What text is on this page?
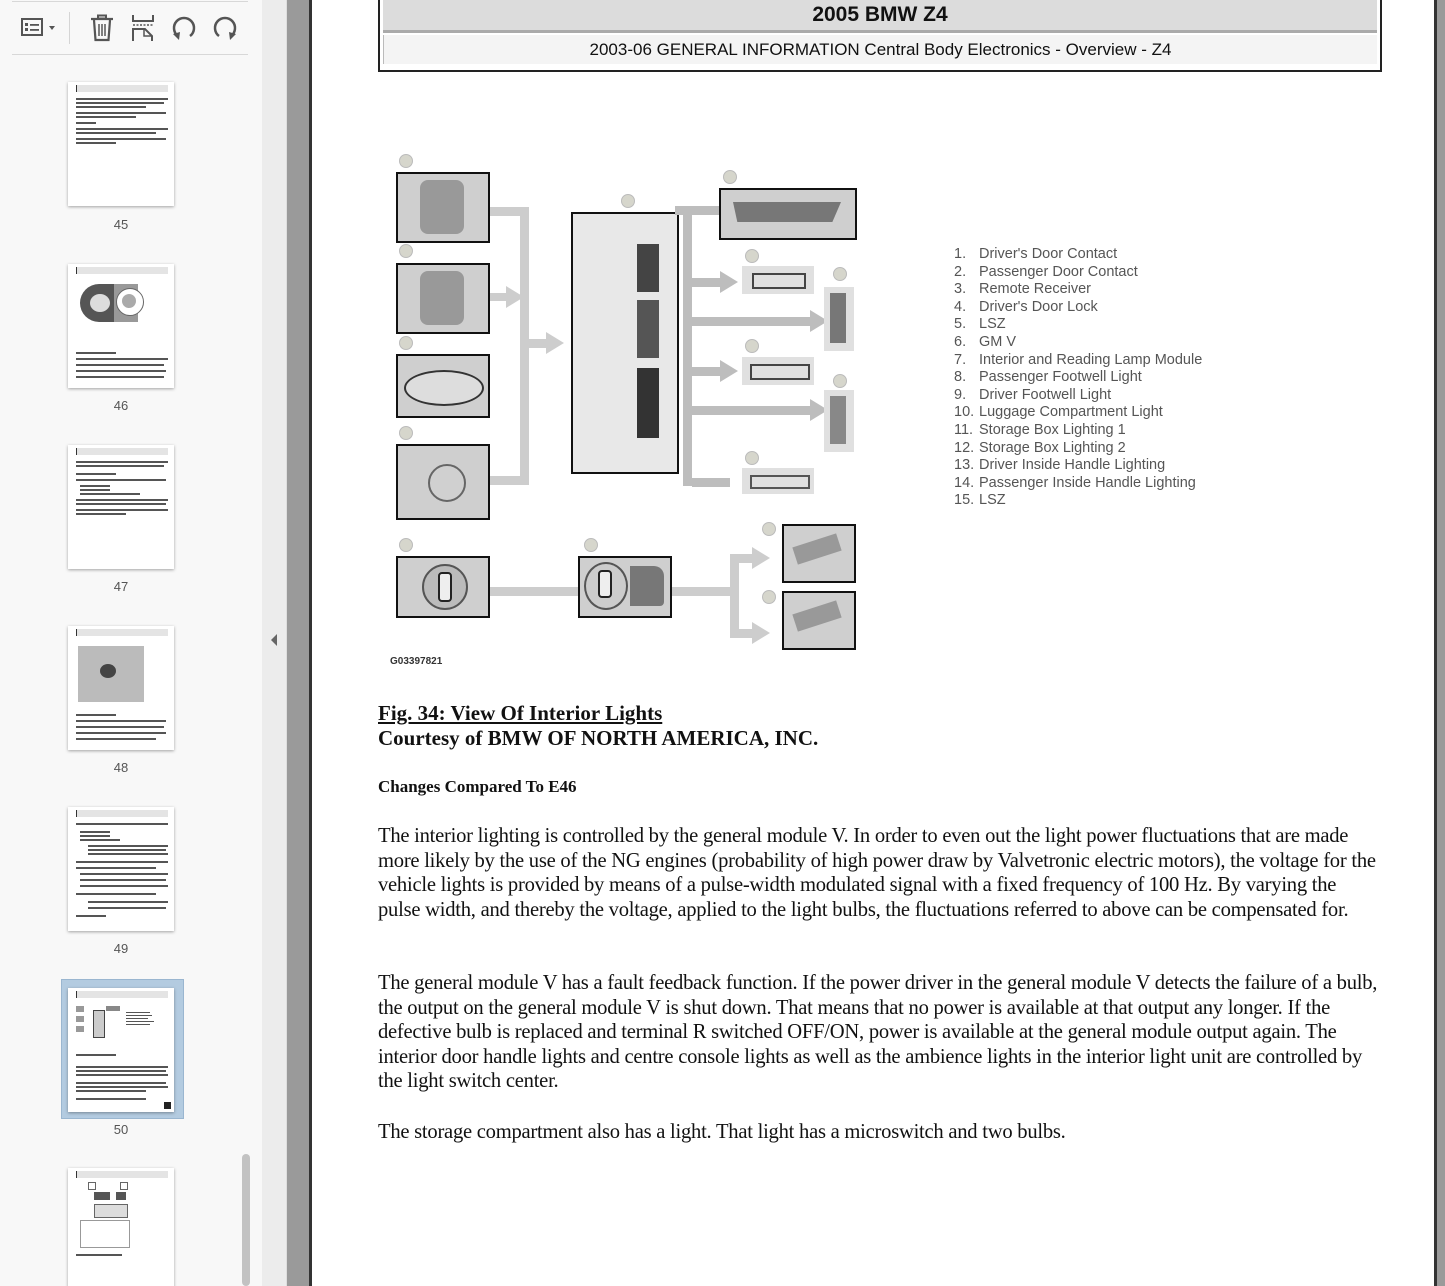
45
46
47
48
49
50
2005 BMW Z4
2003-06 GENERAL INFORMATION Central Body Electronics - Overview - Z4
G03397821
1. Driver's Door Contact
2. Passenger Door Contact
3. Remote Receiver
4. Driver's Door Lock
5. LSZ
6. GM V
7. Interior and Reading Lamp Module
8. Passenger Footwell Light
9. Driver Footwell Light
10. Luggage Compartment Light
11. Storage Box Lighting 1
12. Storage Box Lighting 2
13. Driver Inside Handle Lighting
14. Passenger Inside Handle Lighting
15. LSZ
Fig. 34: View Of Interior Lights
Courtesy of BMW OF NORTH AMERICA, INC.
Changes Compared To E46
The interior lighting is controlled by the general module V. In order to even out the light power fluctuations that are made more likely by the use of the NG engines (probability of high power draw by Valvetronic electric motors), the voltage for the vehicle lights is provided by means of a pulse-width modulated signal with a fixed frequency of 100 Hz. By varying the pulse width, and thereby the voltage, applied to the light bulbs, the fluctuations referred to above can be compensated for.
The general module V has a fault feedback function. If the power driver in the general module V detects the failure of a bulb, the output on the general module V is shut down. That means that no power is available at that output any longer. If the defective bulb is replaced and terminal R switched OFF/ON, power is available at the general module output again. The interior door handle lights and centre console lights as well as the ambience lights in the interior light unit are controlled by the light switch center.
The storage compartment also has a light. That light has a microswitch and two bulbs.
